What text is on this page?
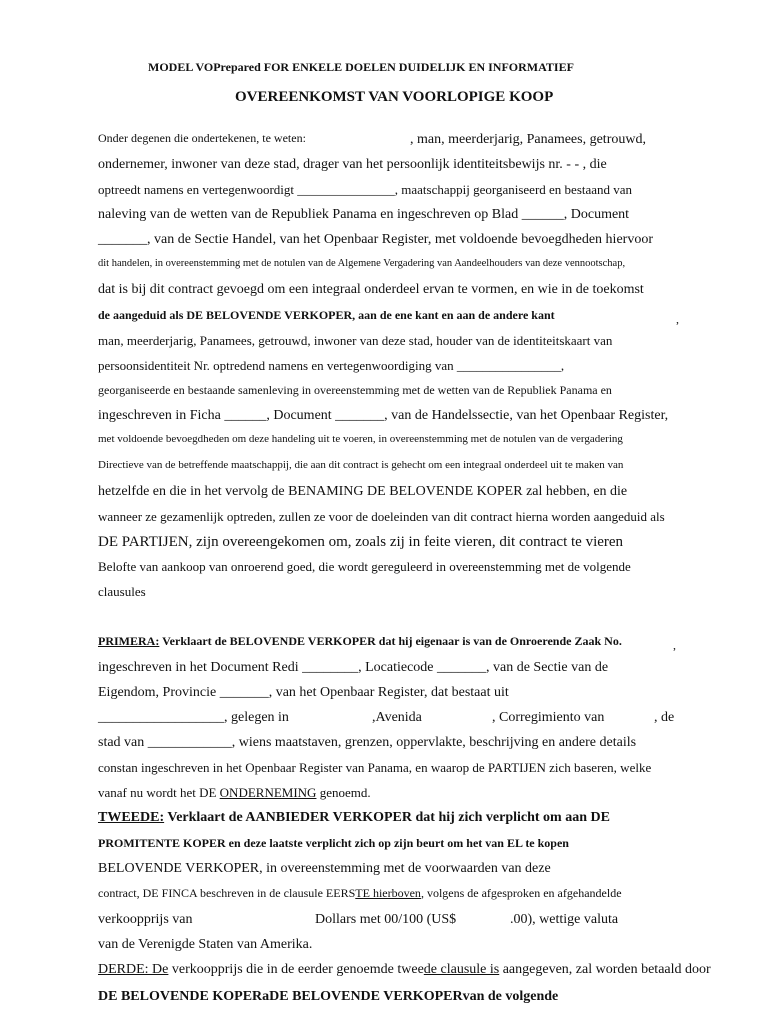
MODEL VOPrepared FOR ENKELE DOELEN DUIDELIJK EN INFORMATIEF
OVEREENKOMST VAN VOORLOPIGE KOOP
Onder degenen die ondertekenen, te weten:	, man, meerderjarig, Panamees, getrouwd,
ondernemer, inwoner van deze stad, drager van het persoonlijk identiteitsbewijs nr. - - , die
optreedt namens en vertegenwoordigt _______________, maatschappij georganiseerd en bestaand van
naleving van de wetten van de Republiek Panama en ingeschreven op Blad ______, Document
_______, van de Sectie Handel, van het Openbaar Register, met voldoende bevoegdheden hiervoor
dit handelen, in overeenstemming met de notulen van de Algemene Vergadering van Aandeelhouders van deze vennootschap,
dat is bij dit contract gevoegd om een integraal onderdeel ervan te vormen, en wie in de toekomst
de aangeduid als DE BELOVENDE VERKOPER, aan de ene kant en aan de andere kant	,
man, meerderjarig, Panamees, getrouwd, inwoner van deze stad, houder van de identiteitskaart van
persoonsidentiteit Nr. optredend namens en vertegenwoordiging van ________________,
georganiseerde en bestaande samenleving in overeenstemming met de wetten van de Republiek Panama en
ingeschreven in Ficha ______, Document _______, van de Handelssectie, van het Openbaar Register,
met voldoende bevoegdheden om deze handeling uit te voeren, in overeenstemming met de notulen van de vergadering
Directieve van de betreffende maatschappij, die aan dit contract is gehecht om een integraal onderdeel uit te maken van
hetzelfde en die in het vervolg de BENAMING DE BELOVENDE KOPER zal hebben, en die
wanneer ze gezamenlijk optreden, zullen ze voor de doeleinden van dit contract hierna worden aangeduid als
DE PARTIJEN, zijn overeengekomen om, zoals zij in feite vieren, dit contract te vieren
Belofte van aankoop van onroerend goed, die wordt gereguleerd in overeenstemming met de volgende
clausules
PRIMERA: Verklaart de BELOVENDE VERKOPER dat hij eigenaar is van de Onroerende Zaak No.	,
ingeschreven in het Document Redi ________, Locatiecode _______, van de Sectie van de
Eigendom, Provincie _______, van het Openbaar Register, dat bestaat uit
__________________, gelegen in	,Avenida	, Corregimiento van	, de
stad van ____________, wiens maatstaven, grenzen, oppervlakte, beschrijving en andere details
constan ingeschreven in het Openbaar Register van Panama, en waarop de PARTIJEN zich baseren, welke
vanaf nu wordt het DE ONDERNEMING genoemd.
TWEEDE: Verklaart de AANBIEDER VERKOPER dat hij zich verplicht om aan DE
PROMITENTE KOPER en deze laatste verplicht zich op zijn beurt om het van EL te kopen
BELOVENDE VERKOPER, in overeenstemming met de voorwaarden van deze
contract, DE FINCA beschreven in de clausule EERSTE hierboven, volgens de afgesproken en afgehandelde
verkoopprijs van	Dollars met 00/100 (US$	.00), wettige valuta
van de Verenigde Staten van Amerika.
DERDE: De verkoopprijs die in de eerder genoemde tweede clausule is aangegeven, zal worden betaald door
DE BELOVENDE KOPERaDE BELOVENDE VERKOPERvan de volgende
